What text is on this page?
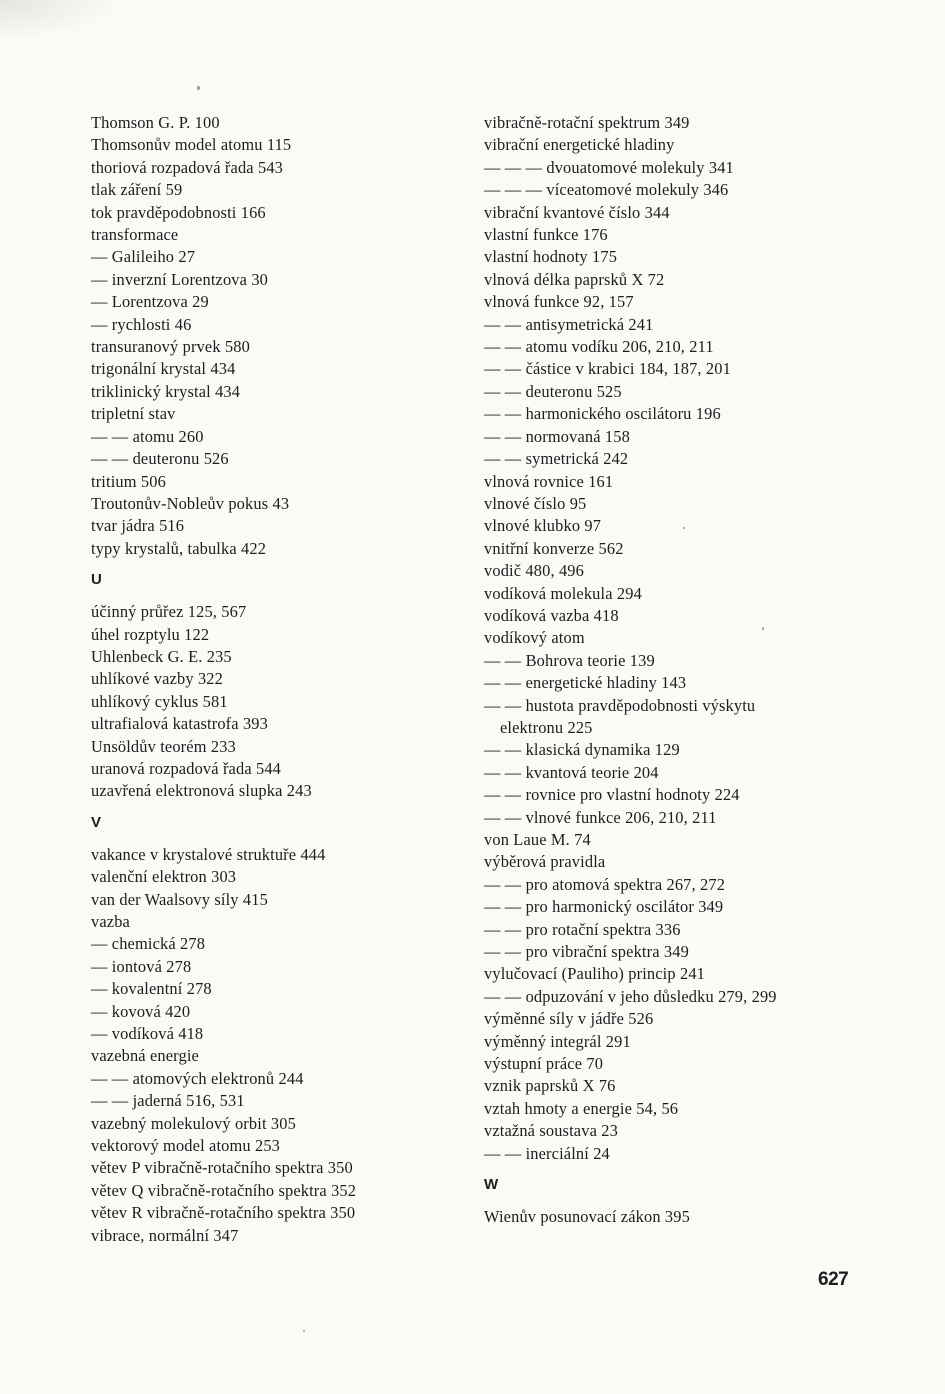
Thomson G. P. 100
Thomsonův model atomu 115
thoriová rozpadová řada 543
tlak záření 59
tok pravděpodobnosti 166
transformace
— Galileiho 27
— inverzní Lorentzova 30
— Lorentzova 29
— rychlosti 46
transuranový prvek 580
trigonální krystal 434
triklinický krystal 434
tripletní stav
— — atomu 260
— — deuteronu 526
tritium 506
Troutonův-Nobleův pokus 43
tvar jádra 516
typy krystalů, tabulka 422
U
účinný průřez 125, 567
úhel rozptylu 122
Uhlenbeck G. E. 235
uhlíkové vazby 322
uhlíkový cyklus 581
ultrafialová katastrofa 393
Unsöldův teorém 233
uranová rozpadová řada 544
uzavřená elektronová slupka 243
V
vakance v krystalové struktuře 444
valenční elektron 303
van der Waalsovy síly 415
vazba
— chemická 278
— iontová 278
— kovalentní 278
— kovová 420
— vodíková 418
vazebná energie
— — atomových elektronů 244
— — jaderná 516, 531
vazebný molekulový orbit 305
vektorový model atomu 253
větev P vibračně-rotačního spektra 350
větev Q vibračně-rotačního spektra 352
větev R vibračně-rotačního spektra 350
vibrace, normální 347
vibračně-rotační spektrum 349
vibrační energetické hladiny
— — — dvouatomové molekuly 341
— — — víceatomové molekuly 346
vibrační kvantové číslo 344
vlastní funkce 176
vlastní hodnoty 175
vlnová délka paprsků X 72
vlnová funkce 92, 157
— — antisymetrická 241
— — atomu vodíku 206, 210, 211
— — částice v krabici 184, 187, 201
— — deuteronu 525
— — harmonického oscilátoru 196
— — normovaná 158
— — symetrická 242
vlnová rovnice 161
vlnové číslo 95
vlnové klubko 97
vnitřní konverze 562
vodič 480, 496
vodíková molekula 294
vodíková vazba 418
vodíkový atom
— — Bohrova teorie 139
— — energetické hladiny 143
— — hustota pravděpodobnosti výskytu
elektronu 225
— — klasická dynamika 129
— — kvantová teorie 204
— — rovnice pro vlastní hodnoty 224
— — vlnové funkce 206, 210, 211
von Laue M. 74
výběrová pravidla
— — pro atomová spektra 267, 272
— — pro harmonický oscilátor 349
— — pro rotační spektra 336
— — pro vibrační spektra 349
vylučovací (Pauliho) princip 241
— — odpuzování v jeho důsledku 279, 299
výměnné síly v jádře 526
výměnný integrál 291
výstupní práce 70
vznik paprsků X 76
vztah hmoty a energie 54, 56
vztažná soustava 23
— — inerciální 24
W
Wienův posunovací zákon 395
627
